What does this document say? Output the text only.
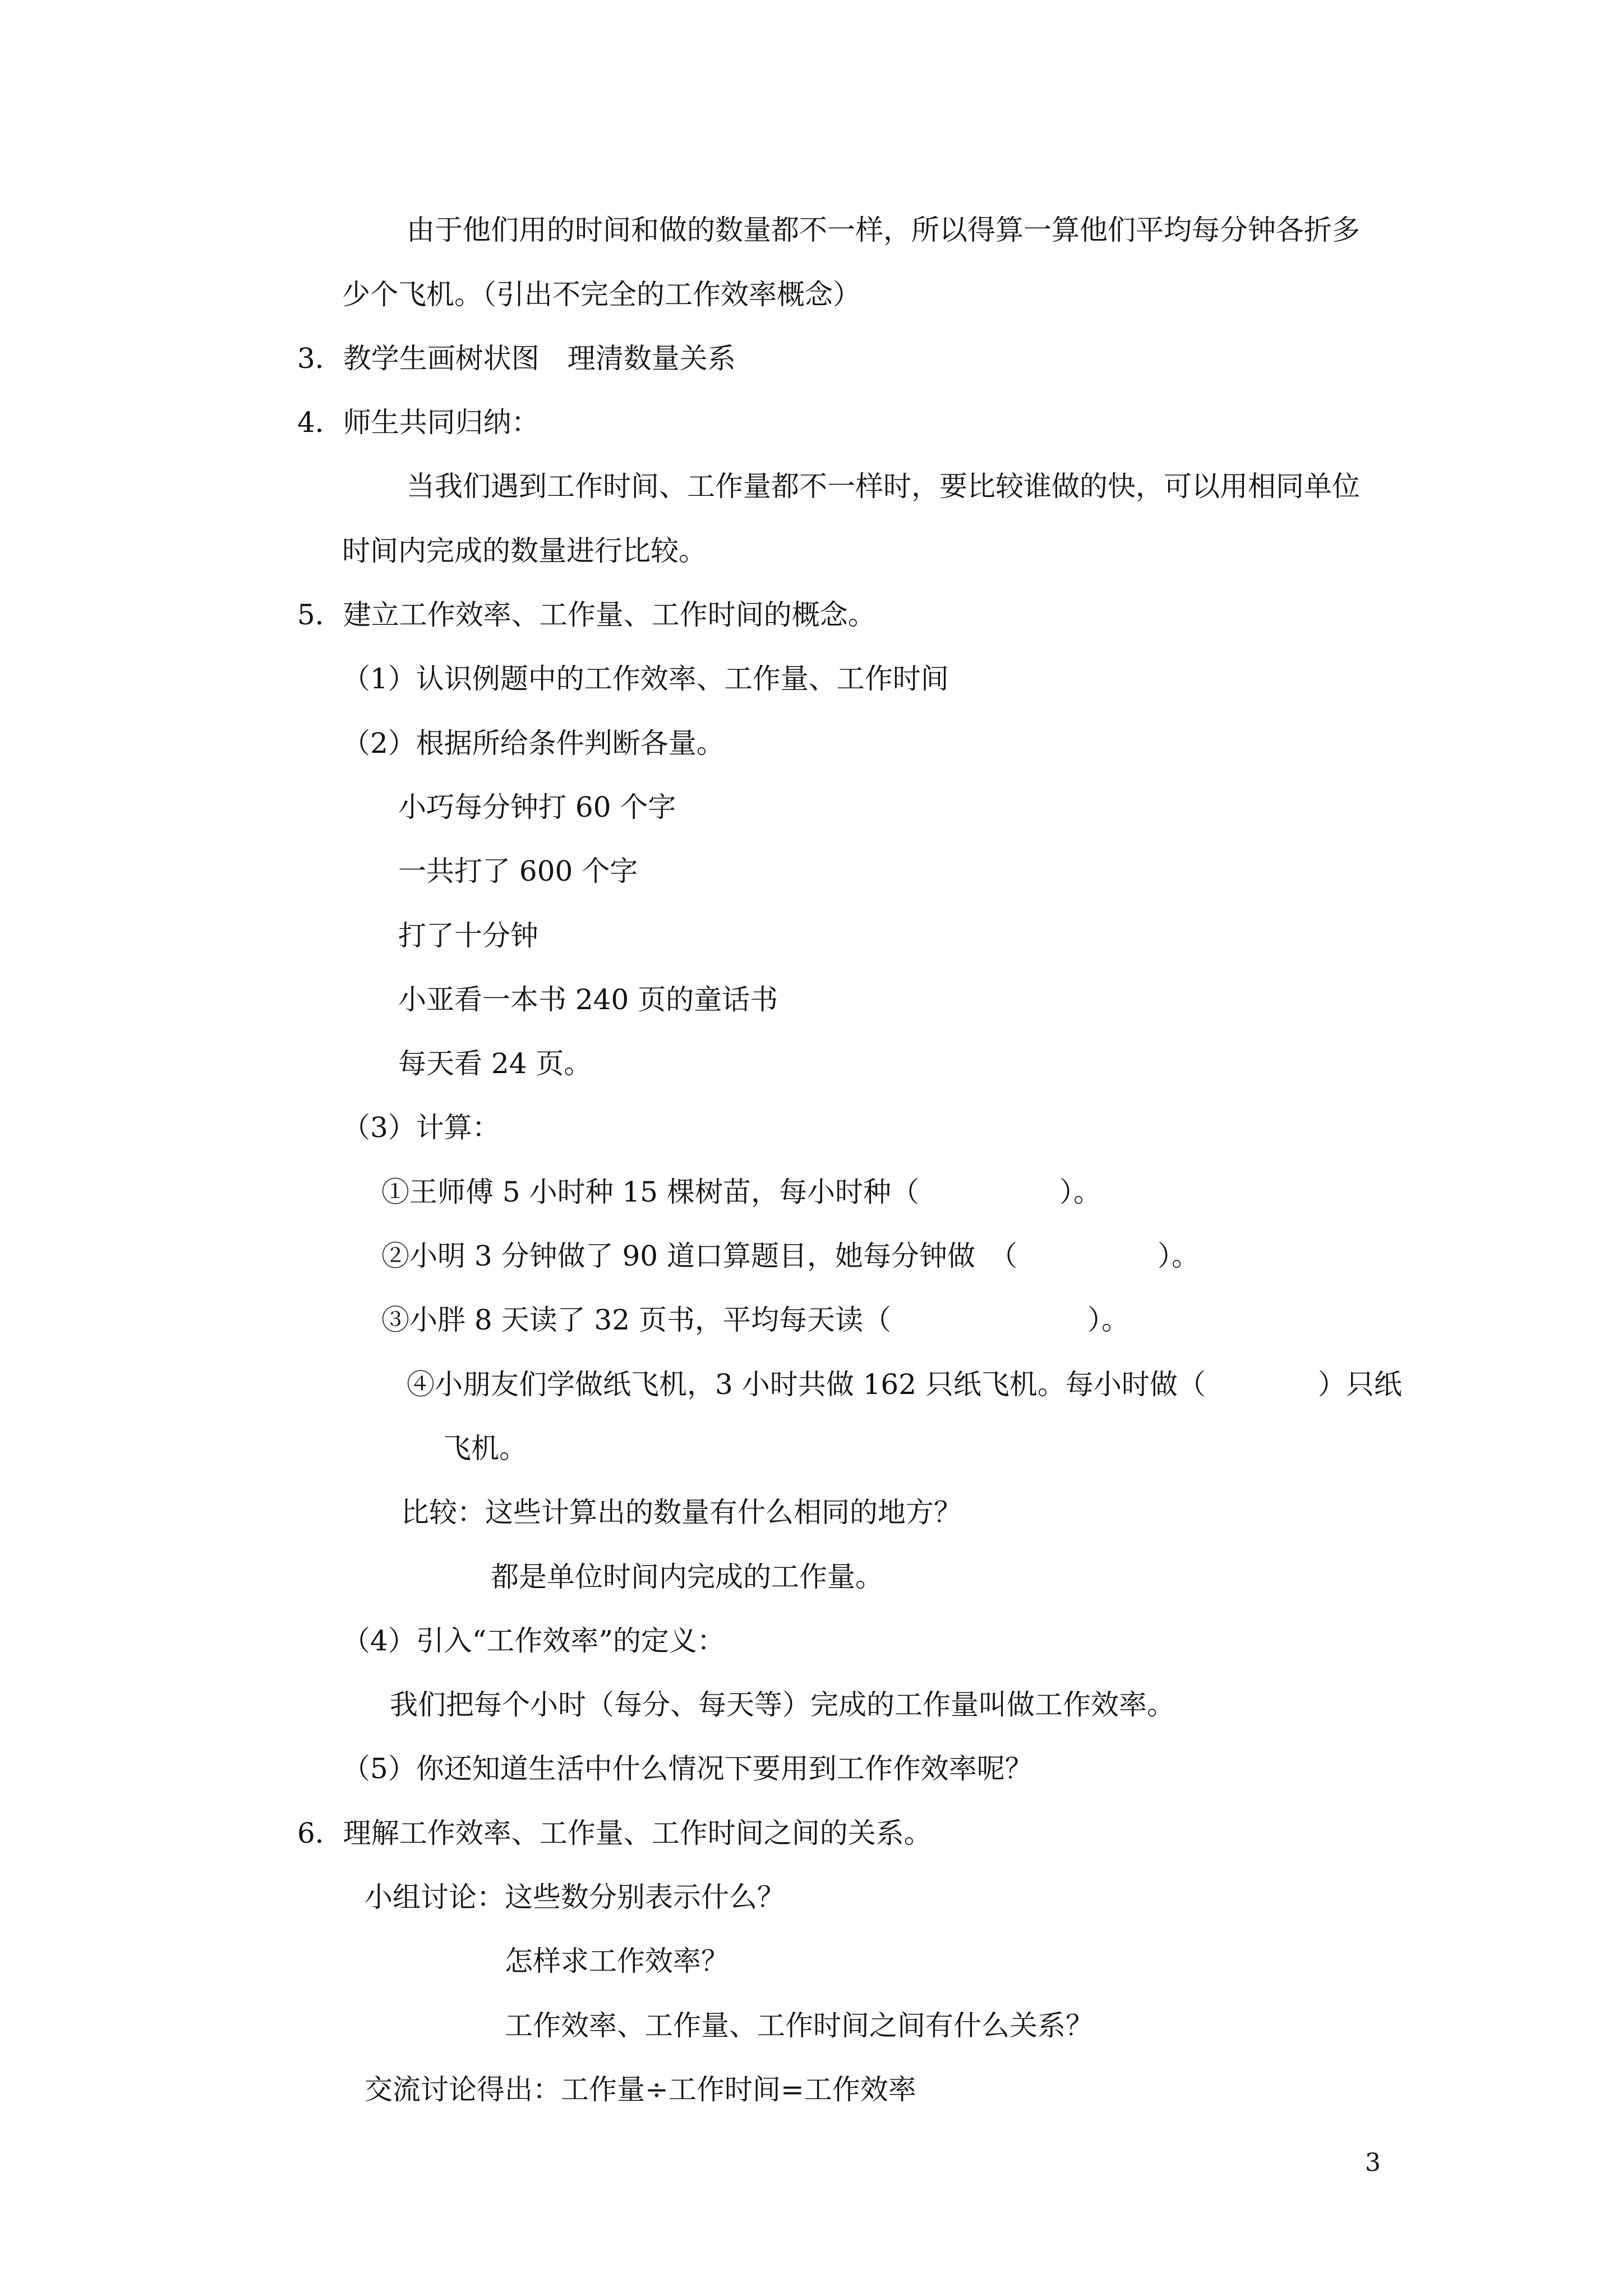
由于他们用的时间和做的数量都不一样，所以得算一算他们平均每分钟各折多
少个飞机。（引出不完全的工作效率概念）
3．教学生画树状图　理清数量关系
4．师生共同归纳：
当我们遇到工作时间、工作量都不一样时，要比较谁做的快，可以用相同单位
时间内完成的数量进行比较。
5．建立工作效率、工作量、工作时间的概念。
（1）认识例题中的工作效率、工作量、工作时间
（2）根据所给条件判断各量。
小巧每分钟打 60 个字
一共打了 600 个字
打了十分钟
小亚看一本书 240 页的童话书
每天看 24 页。
（3）计算：
①王师傅 5 小时种 15 棵树苗，每小时种（　　　　　）。
②小明 3 分钟做了 90 道口算题目，她每分钟做　（　　　　　）。
③小胖 8 天读了 32 页书，平均每天读（　　　　　　　）。
④小朋友们学做纸飞机，3 小时共做 162 只纸飞机。每小时做（　　　　）只纸
飞机。
比较：这些计算出的数量有什么相同的地方？
都是单位时间内完成的工作量。
（4）引入“工作效率”的定义：
我们把每个小时（每分、每天等）完成的工作量叫做工作效率。
（5）你还知道生活中什么情况下要用到工作作效率呢？
6．理解工作效率、工作量、工作时间之间的关系。
小组讨论：这些数分别表示什么？
怎样求工作效率？
工作效率、工作量、工作时间之间有什么关系？
交流讨论得出：工作量÷工作时间=工作效率
3
